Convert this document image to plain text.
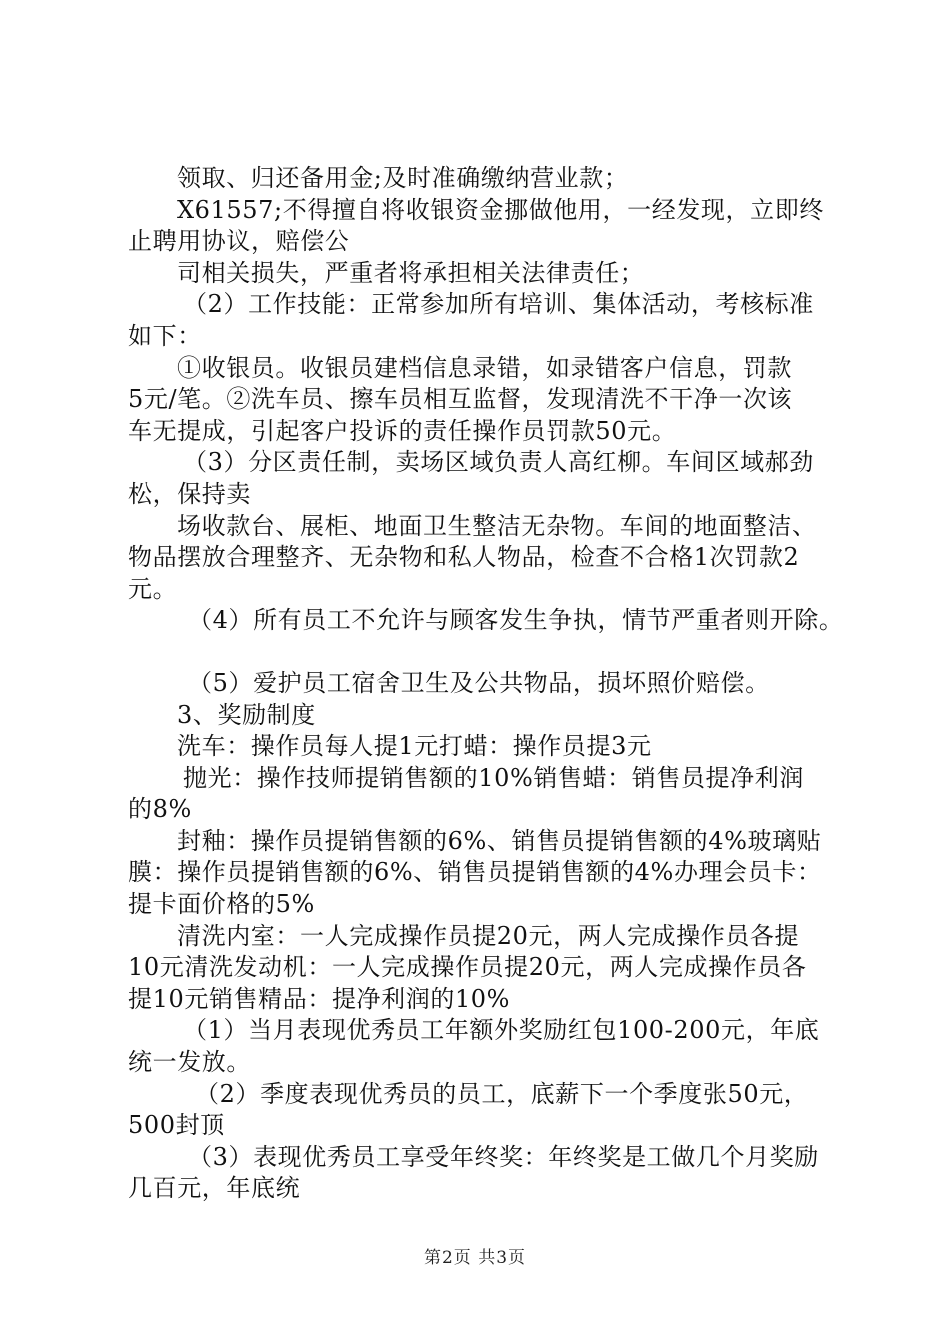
领取、归还备用金;及时准确缴纳营业款；

X61557;不得擅自将收银资金挪做他用，一经发现，立即终

止聘用协议，赔偿公

司相关损失，严重者将承担相关法律责任；

（2）工作技能：正常参加所有培训、集体活动，考核标准

如下：

①收银员。收银员建档信息录错，如录错客户信息，罚款

5元/笔。②洗车员、擦车员相互监督，发现清洗不干净一次该

车无提成，引起客户投诉的责任操作员罚款50元。

（3）分区责任制，卖场区域负责人高红柳。车间区域郝劲

松，保持卖

场收款台、展柜、地面卫生整洁无杂物。车间的地面整洁、

物品摆放合理整齐、无杂物和私人物品，检查不合格1次罚款2

元。

（4）所有员工不允许与顾客发生争执，情节严重者则开除。

（5）爱护员工宿舍卫生及公共物品，损坏照价赔偿。

3、奖励制度

洗车：操作员每人提1元打蜡：操作员提3元

抛光：操作技师提销售额的10%销售蜡：销售员提净利润

的8%

封釉：操作员提销售额的6%、销售员提销售额的4%玻璃贴

膜：操作员提销售额的6%、销售员提销售额的4%办理会员卡：

提卡面价格的5%

清洗内室：一人完成操作员提20元，两人完成操作员各提

10元清洗发动机：一人完成操作员提20元，两人完成操作员各

提10元销售精品：提净利润的10%

（1）当月表现优秀员工年额外奖励红包100-200元，年底

统一发放。

（2）季度表现优秀员的员工，底薪下一个季度张50元，

500封顶

（3）表现优秀员工享受年终奖：年终奖是工做几个月奖励

几百元，年底统

第2页 共3页
